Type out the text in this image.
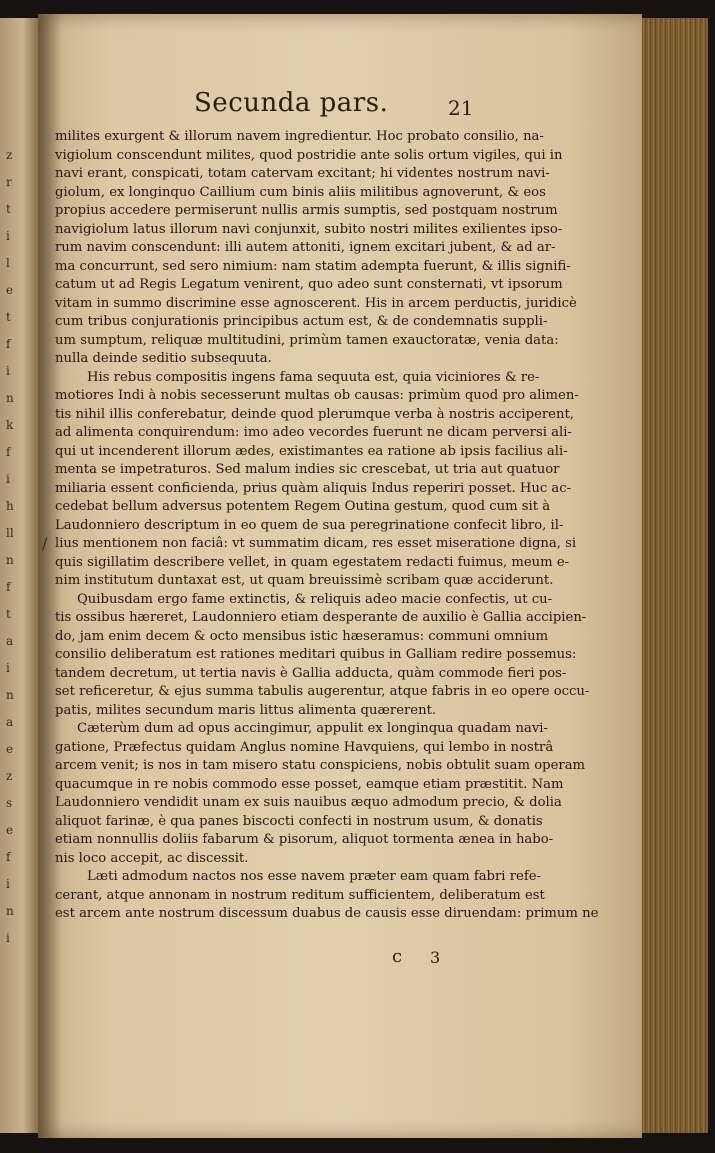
z
r
t
i
l
e
t
f
i
n
k
f
i
h
ll
n
f
t
a
i
n
a
e
z
s
e
f
i
n
i
Secunda pars.	21
/
milites exurgent & illorum navem ingredientur. Hoc probato consilio, na-
vigiolum conscendunt milites, quod postridie ante solis ortum vigiles, qui in
navi erant, conspicati, totam catervam excitant; hi videntes nostrum navi-
giolum, ex longinquo Caillium cum binis aliis militibus agnoverunt, & eos
propius accedere permiserunt nullis armis sumptis, sed postquam nostrum
navigiolum latus illorum navi conjunxit, subito nostri milites exilientes ipso-
rum navim conscendunt: illi autem attoniti, ignem excitari jubent, & ad ar-
ma concurrunt, sed sero nimium: nam statim adempta fuerunt, & illis signifi-
catum ut ad Regis Legatum venirent, quo adeo sunt consternati, vt ipsorum
vitam in summo discrimine esse agnoscerent. His in arcem perductis, juridicè
cum tribus conjurationis principibus actum est, & de condemnatis suppli-
um sumptum, reliquæ multitudini, primùm tamen exauctoratæ, venia data:
nulla deinde seditio subsequuta.
His rebus compositis ingens fama sequuta est, quia viciniores & re-
motiores Indi à nobis secesserunt multas ob causas: primùm quod pro alimen-
tis nihil illis conferebatur, deinde quod plerumque verba à nostris acciperent,
ad alimenta conquirendum: imo adeo vecordes fuerunt ne dicam perversi ali-
qui ut incenderent illorum ædes, existimantes ea ratione ab ipsis facilius ali-
menta se impetraturos. Sed malum indies sic crescebat, ut tria aut quatuor
miliaria essent conficienda, prius quàm aliquis Indus reperiri posset. Huc ac-
cedebat bellum adversus potentem Regem Outina gestum, quod cum sit à
Laudonniero descriptum in eo quem de sua peregrinatione confecit libro, il-
lius mentionem non faciâ: vt summatim dicam, res esset miseratione digna, si
quis sigillatim describere vellet, in quam egestatem redacti fuimus, meum e-
nim institutum duntaxat est, ut quam breuissimè scribam quæ acciderunt.
Quibusdam ergo fame extinctis, & reliquis adeo macie confectis, ut cu-
tis ossibus hæreret, Laudonniero etiam desperante de auxilio è Gallia accipien-
do, jam enim decem & octo mensibus istic hæseramus: communi omnium
consilio deliberatum est rationes meditari quibus in Galliam redire possemus:
tandem decretum, ut tertia navis è Gallia adducta, quàm commode fieri pos-
set reficeretur, & ejus summa tabulis augerentur, atque fabris in eo opere occu-
patis, milites secundum maris littus alimenta quærerent.
Cæterùm dum ad opus accingimur, appulit ex longinqua quadam navi-
gatione, Præfectus quidam Anglus nomine Havquiens, qui lembo in nostrâ
arcem venit; is nos in tam misero statu conspiciens, nobis obtulit suam operam
quacumque in re nobis commodo esse posset, eamque etiam præstitit. Nam
Laudonniero vendidit unam ex suis nauibus æquo admodum precio, & dolia
aliquot farinæ, è qua panes biscocti confecti in nostrum usum, & donatis
etiam nonnullis doliis fabarum & pisorum, aliquot tormenta ænea in habo-
nis loco accepit, ac discessit.
Læti admodum nactos nos esse navem præter eam quam fabri refe-
cerant, atque annonam in nostrum reditum sufficientem, deliberatum est
est arcem ante nostrum discessum duabus de causis esse diruendam: primum ne
c 3
